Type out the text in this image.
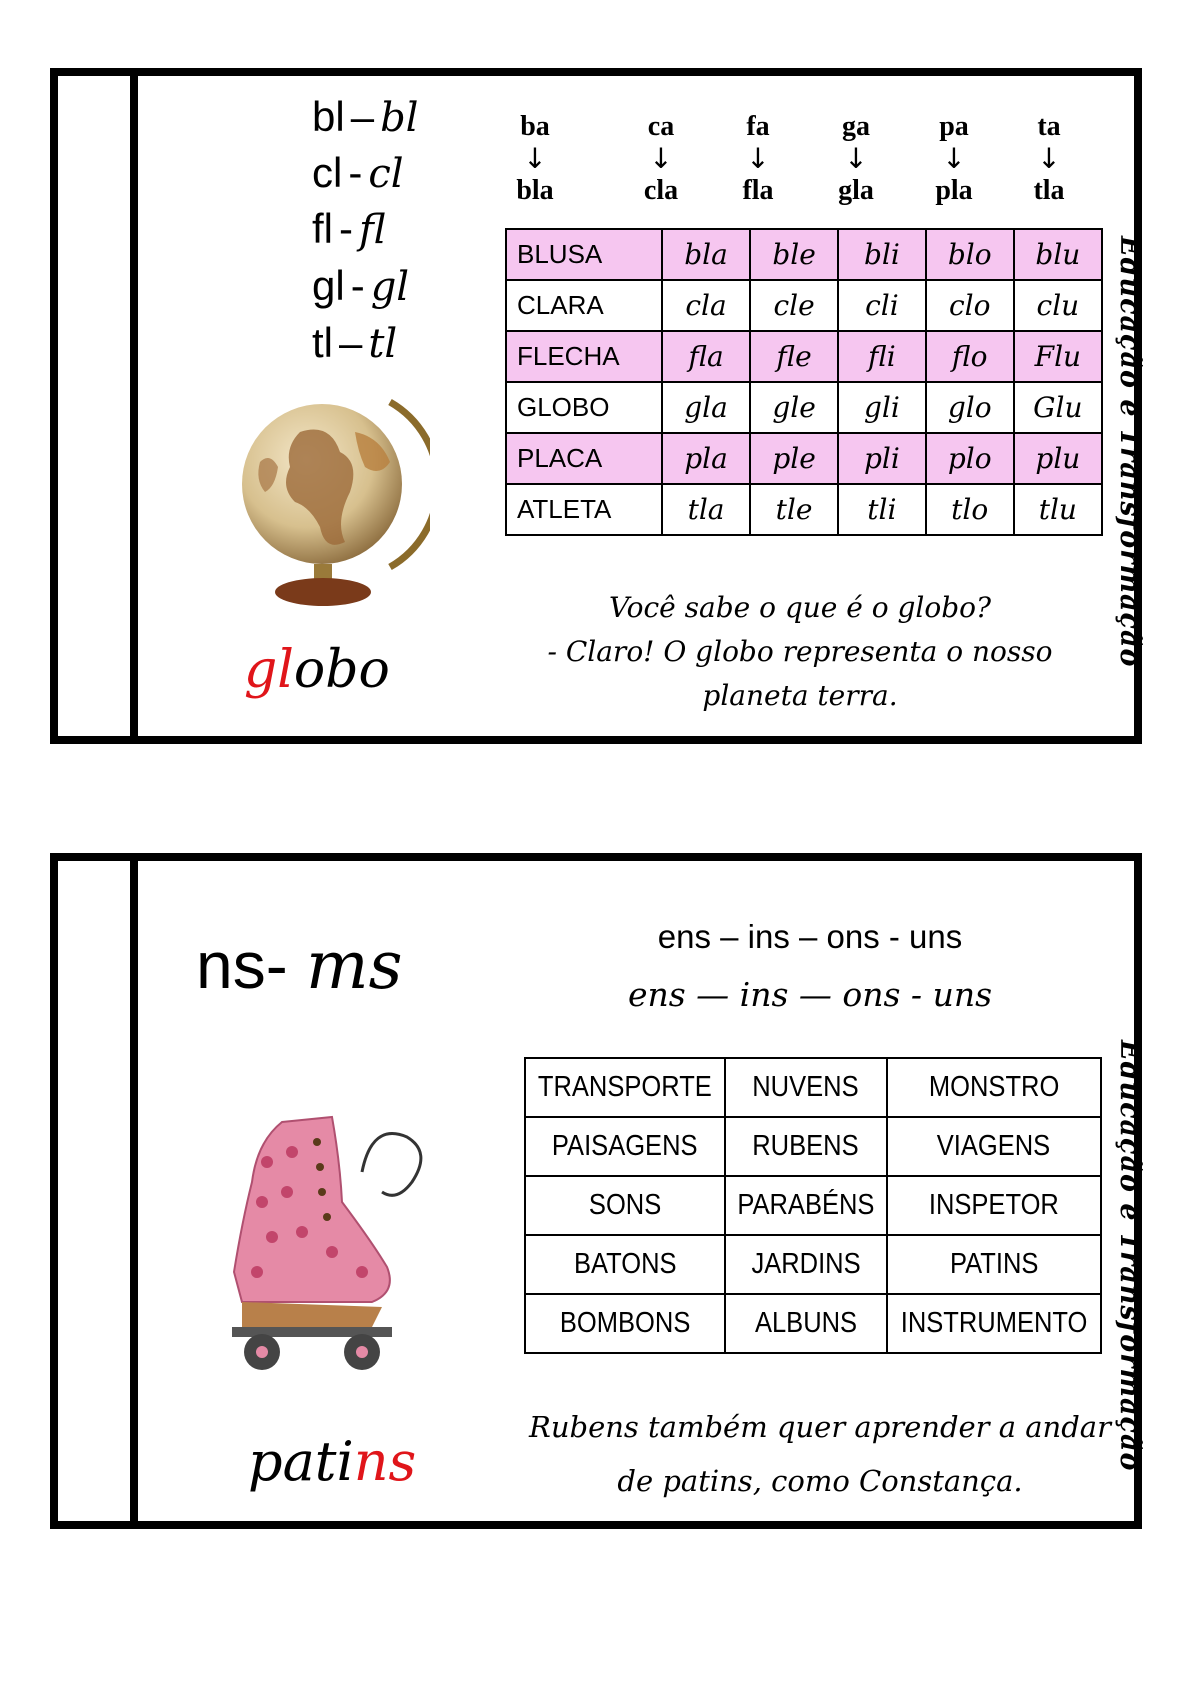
bl – bl
cl - cl
fl - fl
gl - gl
tl – tl
ba
↓
bla
ca
↓
cla
fa
↓
fla
ga
↓
gla
pa
↓
pla
ta
↓
tla
BLUSA	bla	ble	bli	blo	blu
CLARA	cla	cle	cli	clo	clu
FLECHA	fla	fle	fli	flo	Flu
GLOBO	gla	gle	gli	glo	Glu
PLACA	pla	ple	pli	plo	plu
ATLETA	tla	tle	tli	tlo	tlu
globo
Você sabe o que é o globo?
- Claro! O globo representa o nosso
planeta terra.
Educação e Transformação
ns- ms	ens – ins – ons - uns
ens — ins — ons - uns
TRANSPORTE	NUVENS	MONSTRO
PAISAGENS	RUBENS	VIAGENS
SONS	PARABÉNS	INSPETOR
BATONS	JARDINS	PATINS
BOMBONS	ALBUNS	INSTRUMENTO
patins
Rubens também quer aprender a andar
de patins, como Constança.
Educação e Transformação
